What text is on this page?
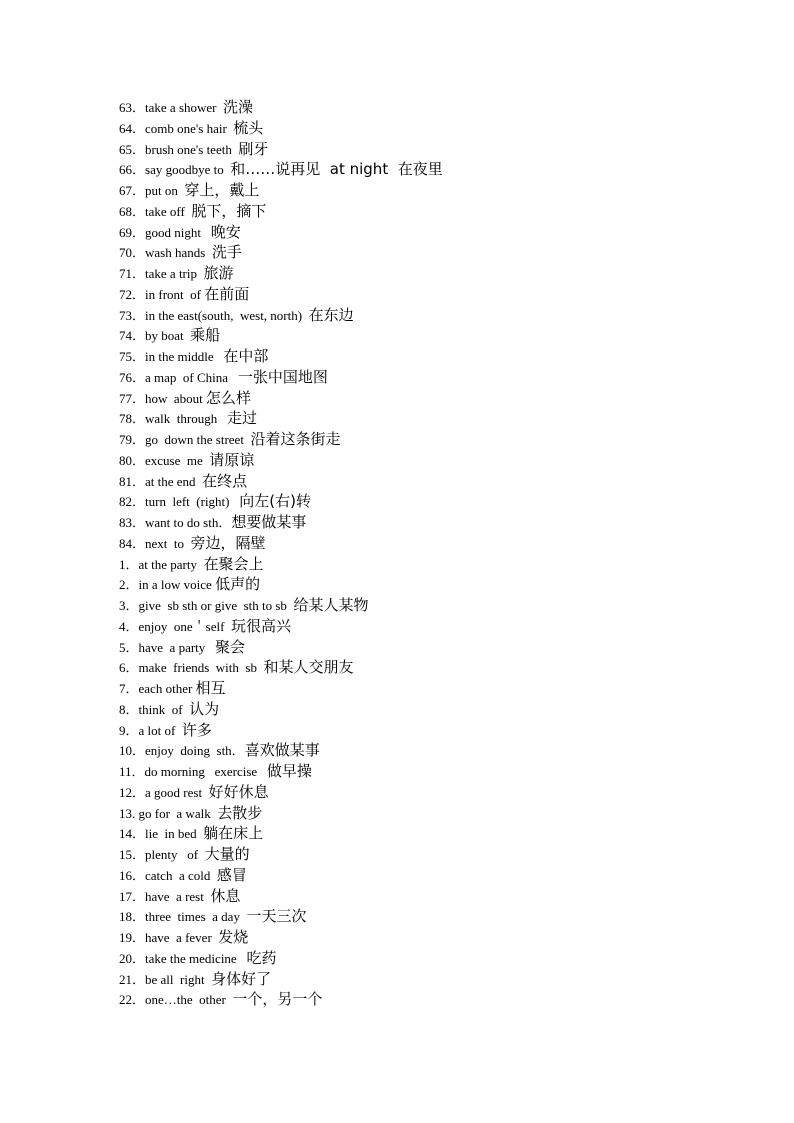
63．take a shower  洗澡
64．comb one's hair  梳头
65．brush one's teeth  刷牙
66．say goodbye to  和……说再见  at night  在夜里
67．put on  穿上，戴上
68．take off  脱下，摘下
69．good night   晚安
70．wash hands  洗手
71．take a trip  旅游
72．in front  of 在前面
73．in the east(south,  west, north)  在东边
74．by boat  乘船
75．in the middle   在中部
76．a map  of China   一张中国地图
77．how  about 怎么样
78．walk  through   走过
79．go  down the street  沿着这条街走
80．excuse  me  请原谅
81．at the end  在终点
82．turn  left  (right)   向左(右)转
83．want to do sth．想要做某事
84．next  to  旁边，隔壁
1．at the party  在聚会上
2．in a low voice 低声的
3．give  sb sth or give  sth to sb  给某人某物
4．enjoy  one＇self  玩很高兴
5．have  a party   聚会
6．make  friends  with  sb  和某人交朋友
7．each other 相互
8．think  of  认为
9．a lot of  许多
10．enjoy  doing  sth．喜欢做某事
11．do morning   exercise   做早操
12．a good rest  好好休息
13. go for  a walk  去散步
14．lie  in bed  躺在床上
15．plenty   of  大量的
16．catch  a cold  感冒
17．have  a rest  休息
18．three  times  a day  一天三次
19．have  a fever  发烧
20．take the medicine   吃药
21．be all  right  身体好了
22．one…the  other  一个，另一个
